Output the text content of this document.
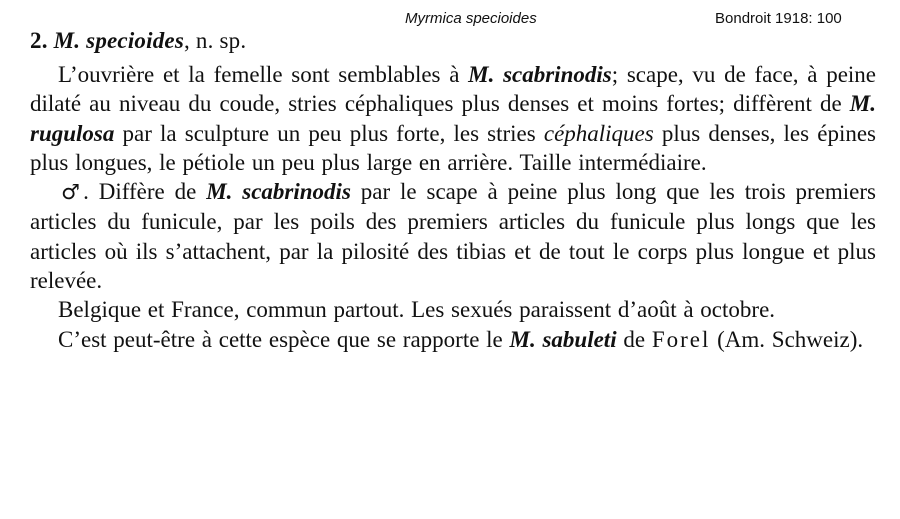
Myrmica specioides	Bondroit 1918: 100
2. M. specioides, n. sp.

L’ouvrière et la femelle sont semblables à M. scabrinodis; scape, vu de face, à peine dilaté au niveau du coude, stries céphaliques plus denses et moins fortes; diffèrent de M. rugulosa par la sculpture un peu plus forte, les stries céphaliques plus denses, les épines plus longues, le pétiole un peu plus large en arrière. Taille intermédiaire.

♂. Diffère de M. scabrinodis par le scape à peine plus long que les trois premiers articles du funicule, par les poils des premiers articles du funicule plus longs que les articles où ils s’attachent, par la pilosité des tibias et de tout le corps plus longue et plus relevée.

Belgique et France, commun partout. Les sexués paraissent d’août à octobre.

C’est peut-être à cette espèce que se rapporte le M. sabuleti de Forel (Am. Schweiz).
